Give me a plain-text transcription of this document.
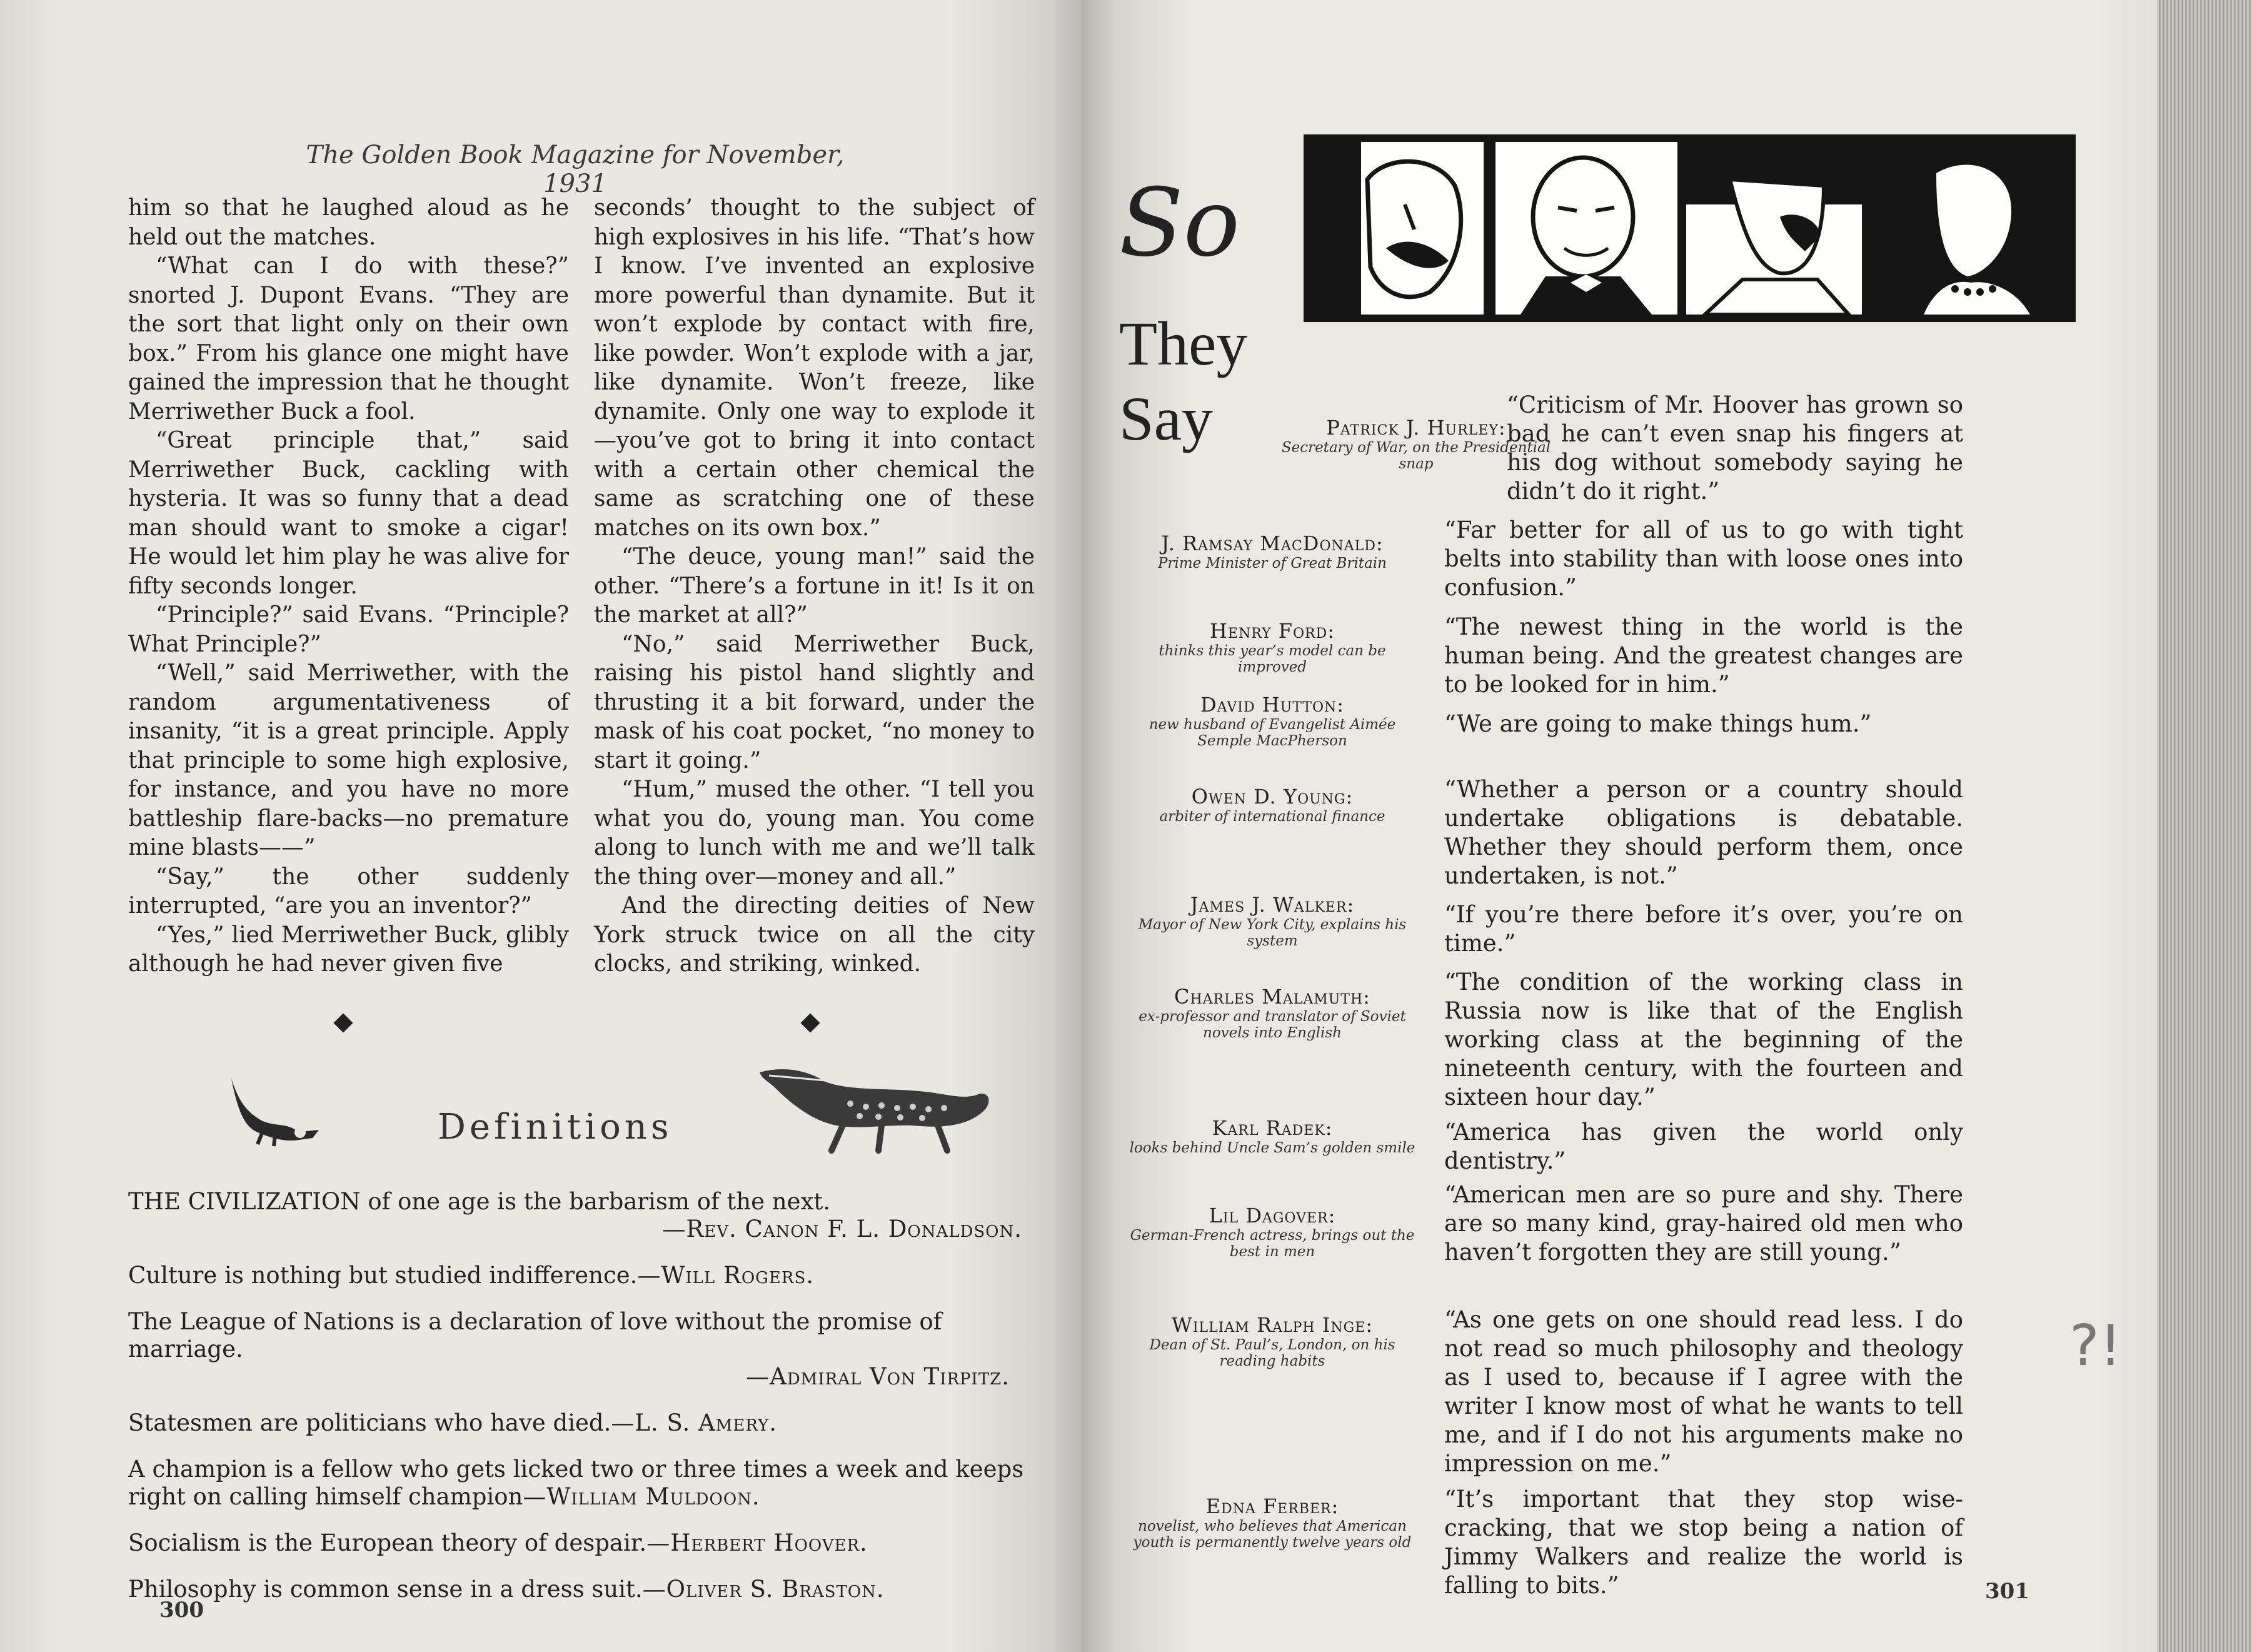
The Golden Book Magazine for November, 1931

him so that he laughed aloud as he held out the matches.

“What can I do with these?” snorted J. Dupont Evans. “They are the sort that light only on their own box.” From his glance one might have gained the impression that he thought Merriwether Buck a fool.

“Great principle that,” said Merriwether Buck, cackling with hysteria. It was so funny that a dead man should want to smoke a cigar! He would let him play he was alive for fifty seconds longer.

“Principle?” said Evans. “Principle? What Principle?”

“Well,” said Merriwether, with the random argumentativeness of insanity, “it is a great principle. Apply that principle to some high explosive, for instance, and you have no more battleship flare-backs—no premature mine blasts——”

“Say,” the other suddenly interrupted, “are you an inventor?”

“Yes,” lied Merriwether Buck, glibly although he had never given five

seconds’ thought to the subject of high explosives in his life. “That’s how I know. I’ve invented an explosive more powerful than dynamite. But it won’t explode by contact with fire, like powder. Won’t explode with a jar, like dynamite. Won’t freeze, like dynamite. Only one way to explode it—you’ve got to bring it into contact with a certain other chemical the same as scratching one of these matches on its own box.”

“The deuce, young man!” said the other. “There’s a fortune in it! Is it on the market at all?”

“No,” said Merriwether Buck, raising his pistol hand slightly and thrusting it a bit forward, under the mask of his coat pocket, “no money to start it going.”

“Hum,” mused the other. “I tell you what you do, young man. You come along to lunch with me and we’ll talk the thing over—money and all.”

And the directing deities of New York struck twice on all the city clocks, and striking, winked.

Definitions
THE CIVILIZATION of one age is the barbarism of the next.
—Rev. Canon F. L. Donaldson.
Culture is nothing but studied indifference.—Will Rogers.
The League of Nations is a declaration of love without the promise of marriage.
—Admiral Von Tirpitz.
Statesmen are politicians who have died.—L. S. Amery.
A champion is a fellow who gets licked two or three times a week and keeps right on calling himself champion—William Muldoon.
Socialism is the European theory of despair.—Herbert Hoover.
Philosophy is common sense in a dress suit.—Oliver S. Braston.
300
So
They
Say	Patrick J. Hurley:
Secretary of War, on the Presidential snap
“Criticism of Mr. Hoover has grown so bad he can’t even snap his fingers at his dog without somebody saying he didn’t do it right.”
J. Ramsay MacDonald:
Prime Minister of Great Britain
“Far better for all of us to go with tight belts into stability than with loose ones into confusion.”
Henry Ford:
thinks this year’s model can be improved
“The newest thing in the world is the human being. And the greatest changes are to be looked for in him.”
David Hutton:
new husband of Evangelist Aimée Semple MacPherson
“We are going to make things hum.”
Owen D. Young:
arbiter of international finance
“Whether a person or a country should undertake obligations is debatable. Whether they should perform them, once undertaken, is not.”
James J. Walker:
Mayor of New York City, explains his system
“If you’re there before it’s over, you’re on time.”
Charles Malamuth:
ex-professor and translator of Soviet novels into English
“The condition of the working class in Russia now is like that of the English working class at the beginning of the nineteenth century, with the fourteen and sixteen hour day.”
Karl Radek:
looks behind Uncle Sam’s golden smile
“America has given the world only dentistry.”
Lil Dagover:
German-French actress, brings out the best in men
“American men are so pure and shy. There are so many kind, gray-haired old men who haven’t forgotten they are still young.”
William Ralph Inge:
Dean of St. Paul’s, London, on his reading habits
“As one gets on one should read less. I do not read so much philosophy and theology as I used to, because if I agree with the writer I know most of what he wants to tell me, and if I do not his arguments make no impression on me.”
Edna Ferber:
novelist, who believes that American youth is permanently twelve years old
“It’s important that they stop wise-cracking, that we stop being a nation of Jimmy Walkers and realize the world is falling to bits.”
?!
301
